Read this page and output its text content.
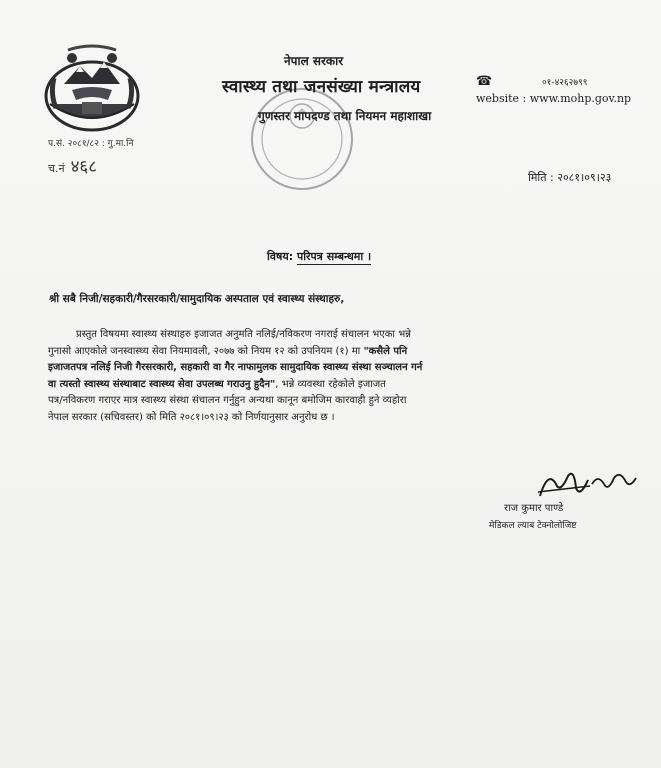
नेपाल सरकार
स्वास्थ्य तथा जनसंख्या मन्त्रालय
गुणस्तर मापदण्ड तथा नियमन महाशाखा
☎	०१-४२६२७९९
website : www.mohp.gov.np
प.सं. २०८१/८२ : गु.मा.नि
च.नं ४६८
मिति : २०८१।०९।२३
विषय: परिपत्र सम्बन्धमा ।
श्री सबै निजी/सहकारी/गैरसरकारी/सामुदायिक अस्पताल एवं स्वास्थ्य संस्थाहरु,
प्रस्तुत विषयमा स्वास्थ्य संस्थाहरु इजाजत अनुमति नलिई/नविकरण नगराई संचालन भएका भन्ने
गुनासो आएकोले जनस्वास्थ्य सेवा नियमावली, २०७७ को नियम १२ को उपनियम (१) मा "कसैले पनि
इजाजतपत्र नलिई निजी गैरसरकारी, सहकारी वा गैर नाफामुलक सामुदायिक स्वास्थ्य संस्था सञ्चालन गर्न
वा त्यस्तो स्वास्थ्य संस्थाबाट स्वास्थ्य सेवा उपलब्ध गराउनु हुदैन", भन्ने व्यवस्था रहेकोले इजाजत
पत्र/नविकरण गराएर मात्र स्वास्थ्य संस्था संचालन गर्नुहुन अन्यथा कानून बमोजिम कारवाही हुने व्यहोरा
नेपाल सरकार (सचिवस्तर) को मिति २०८१।०९।२३ को निर्णयानुसार अनुरोध छ ।
राज कुमार पाण्डे
मेडिकल ल्याब टेक्नोलोजिष्ट
